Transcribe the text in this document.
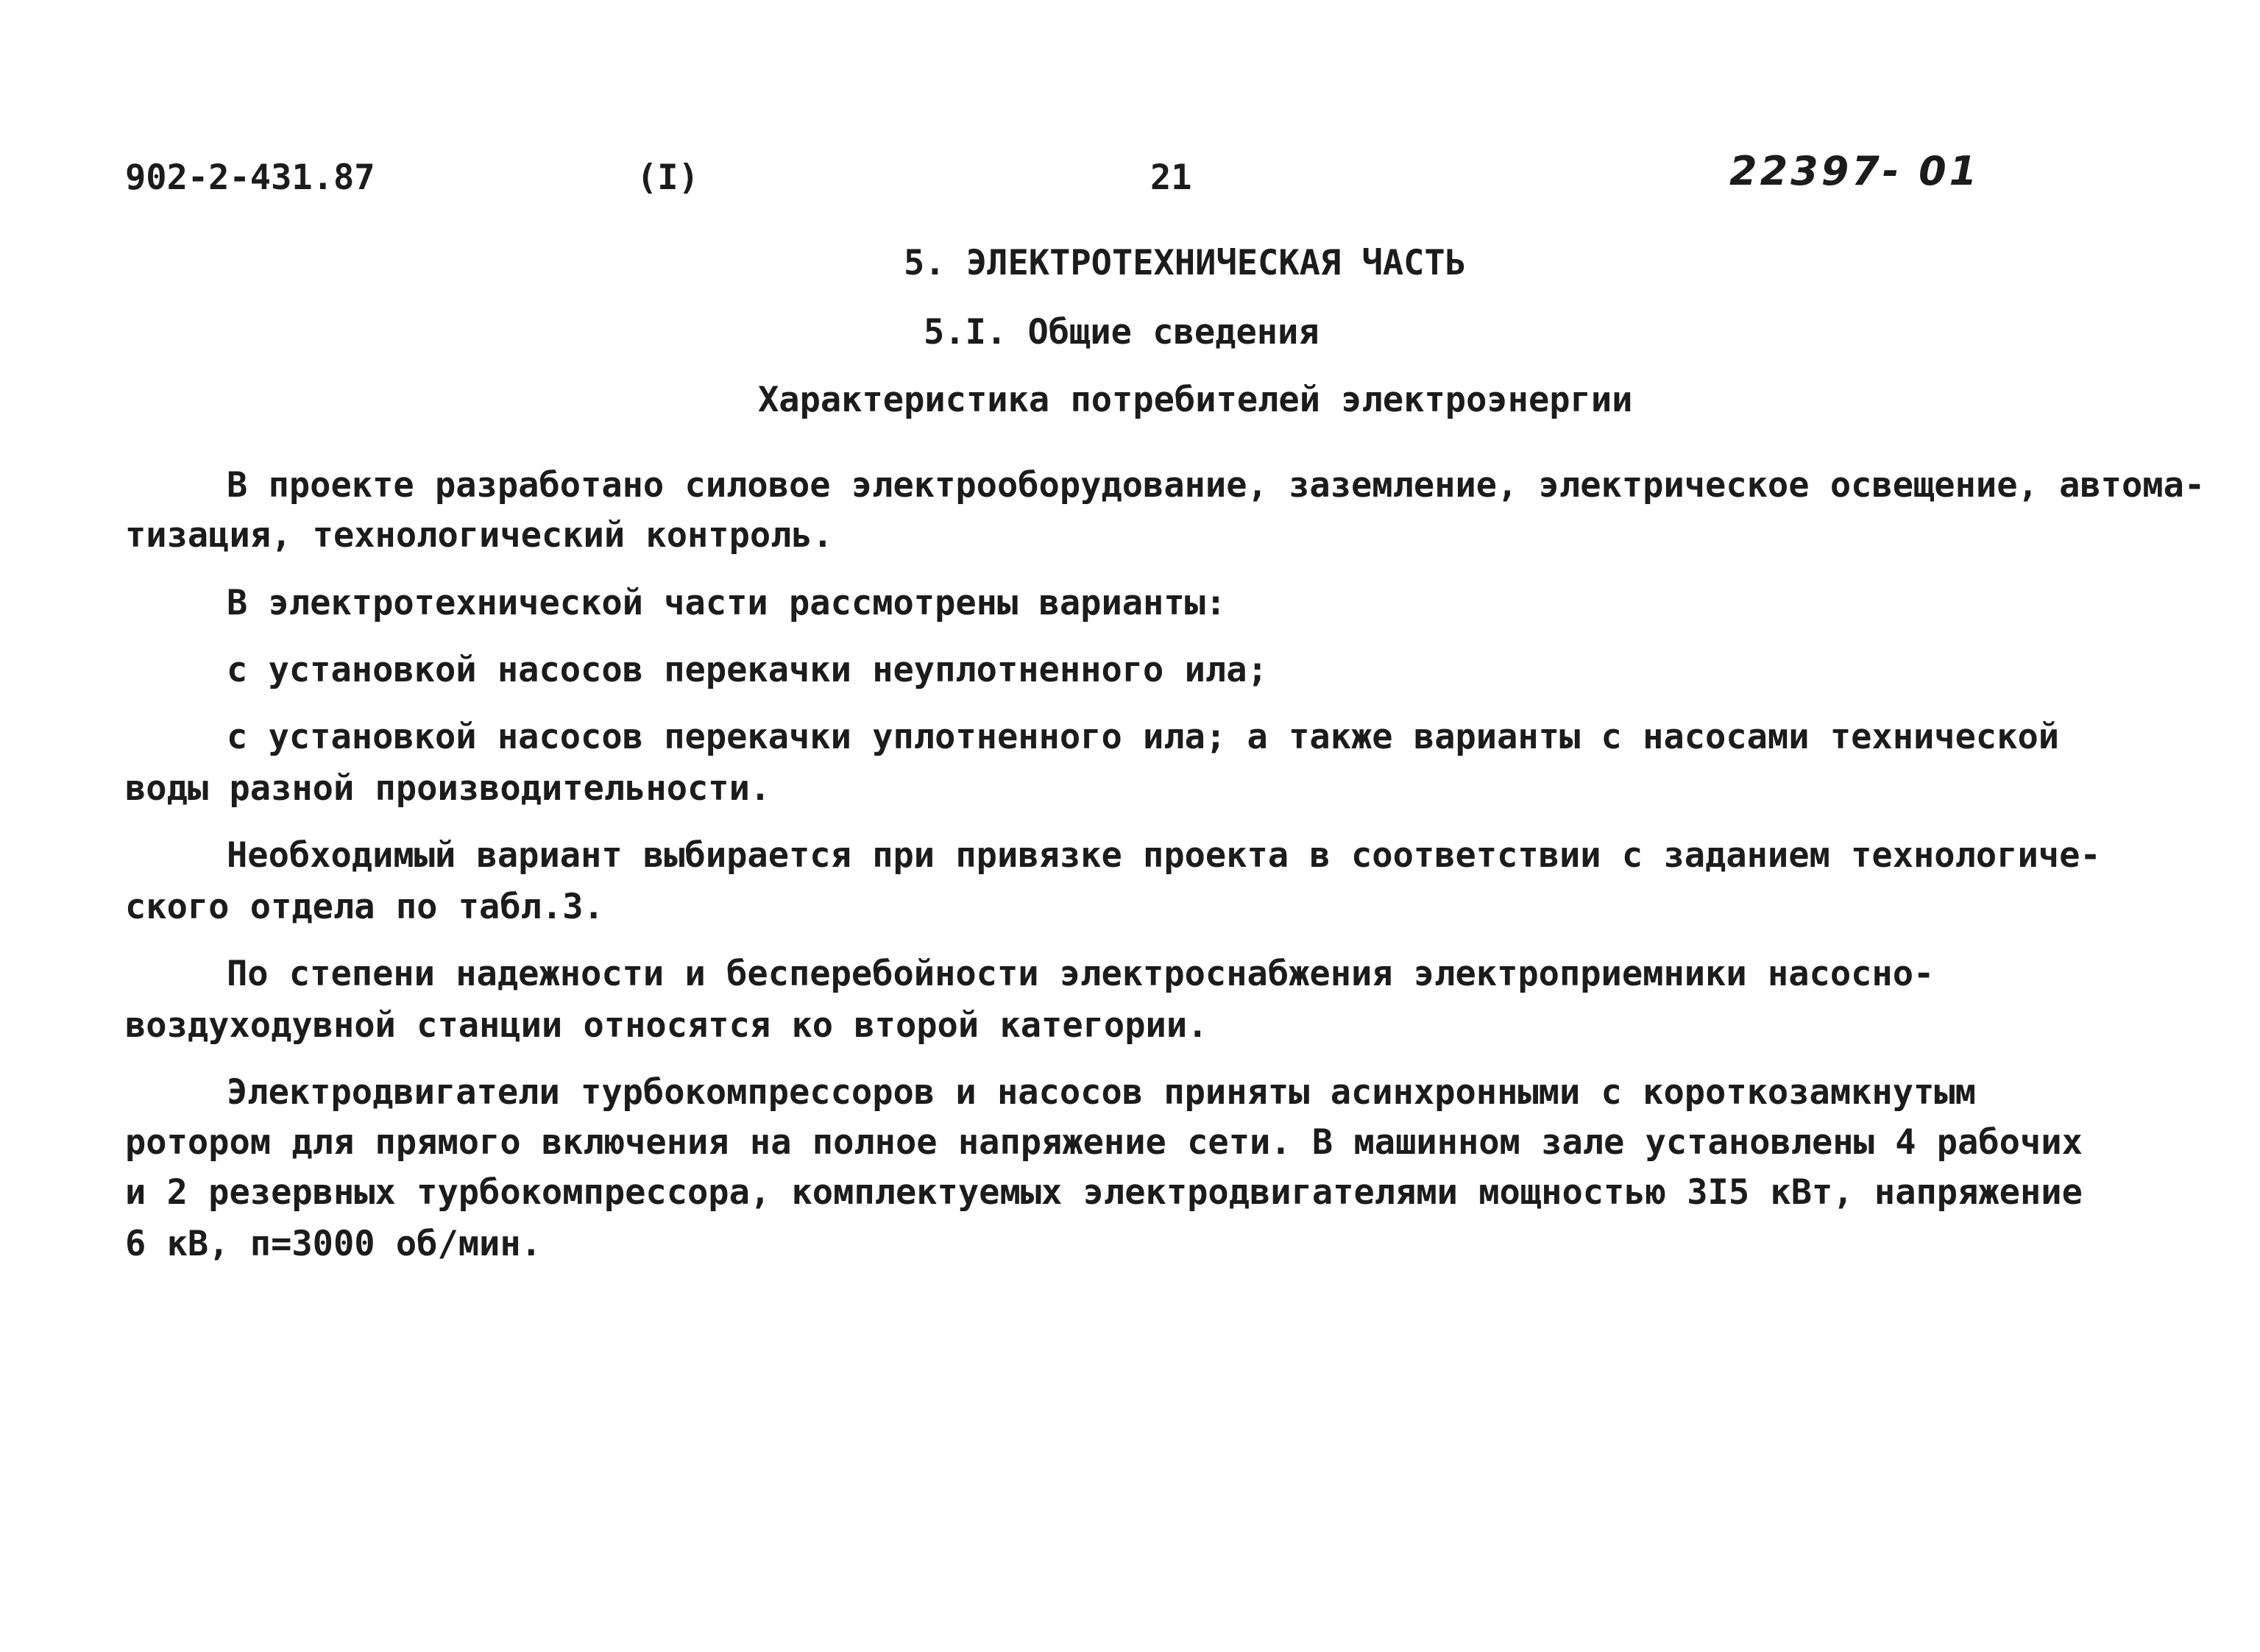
902-2-431.87	(I)	21	22397- 01
5. ЭЛЕКТРОТЕХНИЧЕСКАЯ ЧАСТЬ
5.I. Общие сведения
Характеристика потребителей электроэнергии
В проекте разработано силовое электрооборудование, заземление, электрическое освещение, автома-
тизация, технологический контроль.
В электротехнической части рассмотрены варианты:
с установкой насосов перекачки неуплотненного ила;
с установкой насосов перекачки уплотненного ила; а также варианты с насосами технической
воды разной производительности.
Необходимый вариант выбирается при привязке проекта в соответствии с заданием технологиче-
ского отдела по табл.3.
По степени надежности и бесперебойности электроснабжения электроприемники насосно-
воздуходувной станции относятся ко второй категории.
Электродвигатели турбокомпрессоров и насосов приняты асинхронными с короткозамкнутым
ротором для прямого включения на полное напряжение сети. В машинном зале установлены 4 рабочих
и 2 резервных турбокомпрессора, комплектуемых электродвигателями мощностью 3I5 кВт, напряжение
6 кВ, п=3000 об/мин.
